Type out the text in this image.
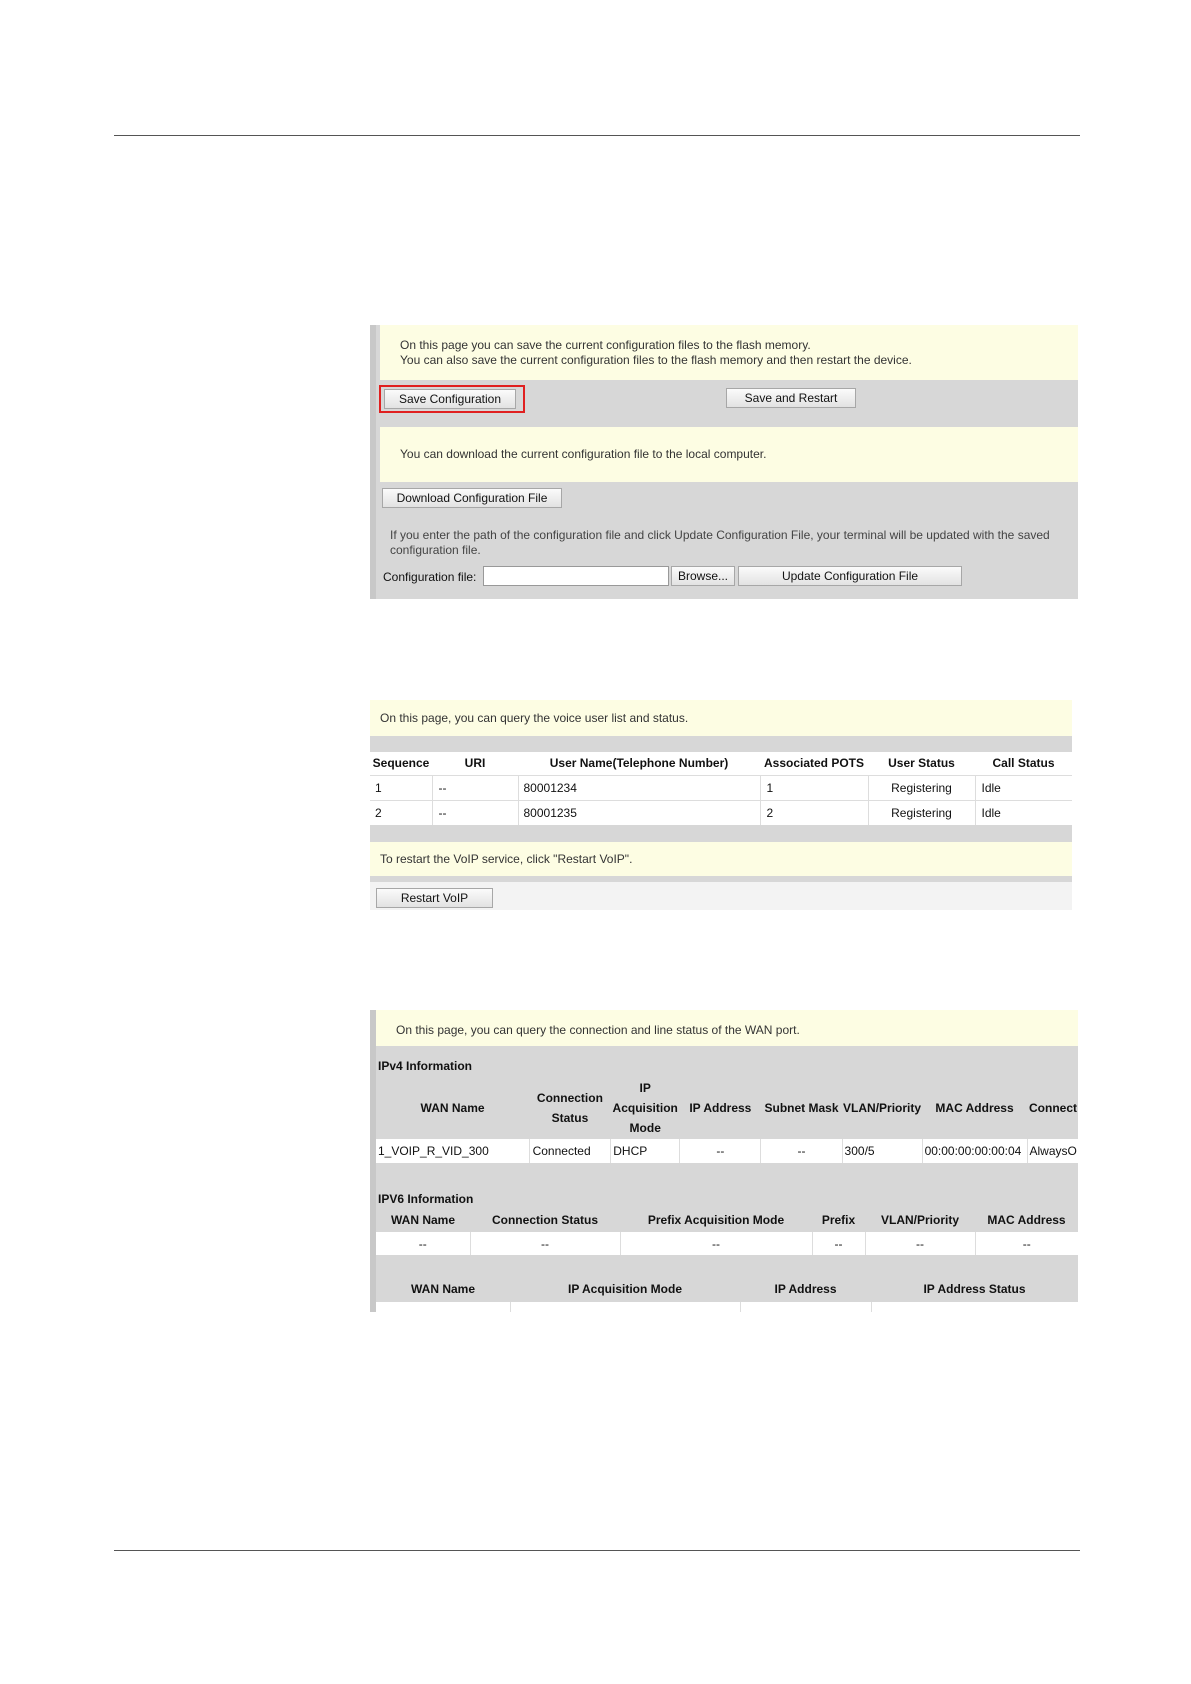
On this page you can save the current configuration files to the flash memory.
You can also save the current configuration files to the flash memory and then restart the device.
Save Configuration	Save and Restart
You can download the current configuration file to the local computer.
Download Configuration File
If you enter the path of the configuration file and click Update Configuration File, your terminal will be updated with the saved configuration file.
Configuration file:	Browse...	Update Configuration File
On this page, you can query the voice user list and status.
Sequence	URI	User Name(Telephone Number)	Associated POTS	User Status	Call Status
1	--	80001234	1	Registering	Idle
2	--	80001235	2	Registering	Idle
To restart the VoIP service, click "Restart VoIP".
Restart VoIP
On this page, you can query the connection and line status of the WAN port.
IPv4 Information
WAN Name	Connection Status	IP Acquisition Mode	IP Address	Subnet Mask	VLAN/Priority	MAC Address	Connect
1_VOIP_R_VID_300	Connected	DHCP	--	--	300/5	00:00:00:00:00:04	AlwaysO
IPV6 Information
WAN Name	Connection Status	Prefix Acquisition Mode	Prefix	VLAN/Priority	MAC Address
--	--	--	--	--	--
WAN Name	IP Acquisition Mode	IP Address	IP Address Status
